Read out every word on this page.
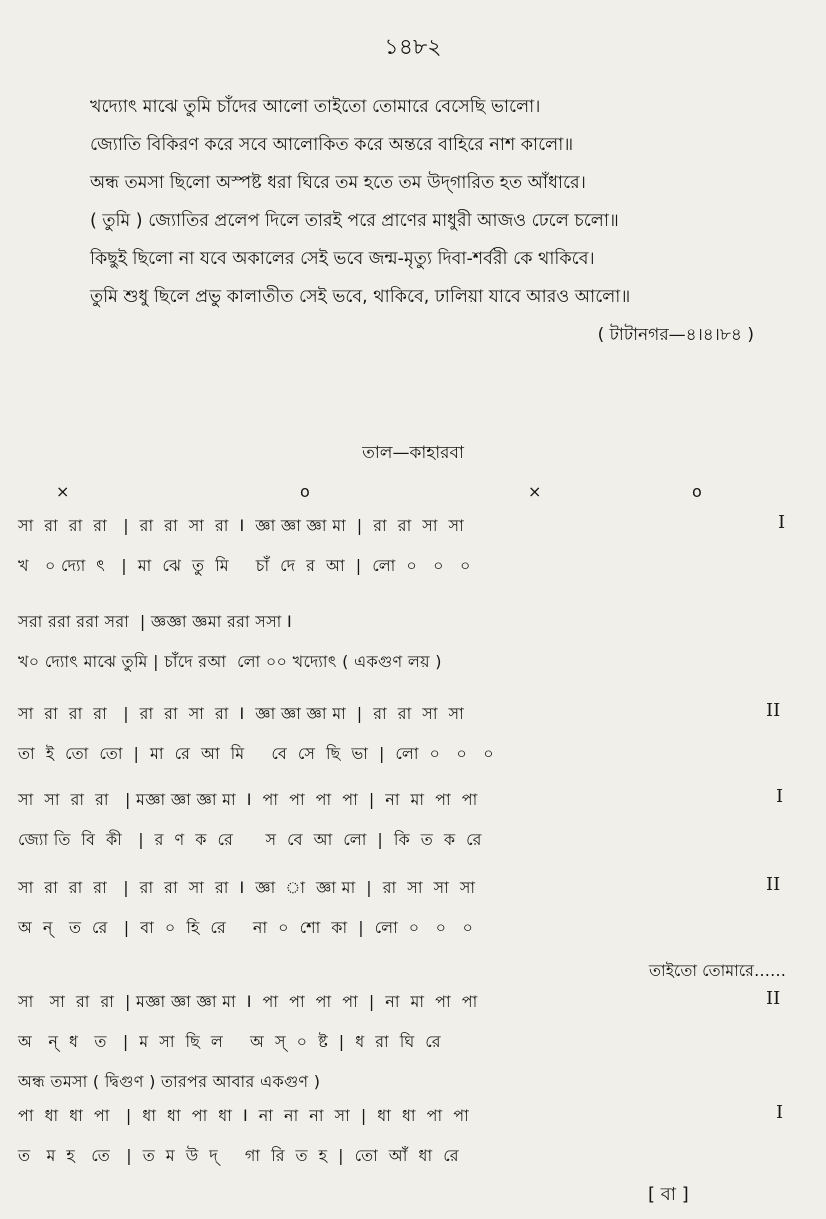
১৪৮২
খদ্যোৎ মাঝে তুমি চাঁদের আলো তাইতো তোমারে বেসেছি ভালো।
জ্যোতি বিকিরণ করে সবে আলোকিত করে অন্তরে বাহিরে নাশ কালো॥
অন্ধ তমসা ছিলো অস্পষ্ট ধরা ঘিরে তম হতে তম উদ্‌গারিত হত আঁধারে।
( তুমি ) জ্যোতির প্রলেপ দিলে তারই পরে প্রাণের মাধুরী আজও ঢেলে চলো॥
কিছুই ছিলো না যবে অকালের সেই ভবে জন্ম-মৃত্যু দিবা-শর্বরী কে থাকিবে।
তুমি শুধু ছিলে প্রভু কালাতীত সেই ভবে, থাকিবে, ঢালিয়া যাবে আরও আলো॥
( টাটানগর—৪।৪।৮৪ )
তাল—কাহারবা
×	o	×	o
সা  রা  রা  রা   |  রা  রা  সা  রা  I  জ্ঞা জ্ঞা জ্ঞা মা  |  রা  রা  সা  সা	I
খ   ০ দ্যো  ৎ   |  মা  ঝে  তু  মি     চাঁ  দে  র  আ  |  লো  ০   ০   ০
সরা ররা ররা সরা  | জ্ঞজ্ঞা জ্ঞমা ররা সসা I
খ০ দ্যোৎ মাঝে তুমি | চাঁদে রআ  লো ০০ খদ্যোৎ ( একগুণ লয় )
সা  রা  রা  রা   |  রা  রা  সা  রা  I  জ্ঞা জ্ঞা জ্ঞা মা  |  রা  রা  সা  সা	II
তা  ই  তো  তো  |  মা  রে  আ  মি     বে  সে  ছি  ভা  |  লো  ০   ০   ০
সা  সা  রা  রা   | মজ্ঞা জ্ঞা জ্ঞা মা  I  পা  পা  পা  পা  |  না  মা  পা  পা	I
জ্যো তি  বি  কী   |  র  ণ  ক  রে      স  বে  আ  লো  |  কি  ত  ক  রে
সা  রা  রা  রা   |  রা  রা  সা  রা  I  জ্ঞা  া  জ্ঞা মা  |  রা  সা  সা  সা	II
অ  ন্‌   ত  রে   |  বা  ০  হি  রে     না  ০  শো  কা  |  লো  ০   ০   ০
তাইতো তোমারে……
সা   সা  রা  রা  | মজ্ঞা জ্ঞা জ্ঞা মা  I  পা  পা  পা  পা  |  না  মা  পা  পা	II
অ   ন্‌  ধ   ত   |  ম  সা  ছি  ল     অ  স্‌  ০  ষ্ট  |  ধ  রা  ঘি  রে
অন্ধ তমসা ( দ্বিগুণ ) তারপর আবার একগুণ )
পা  ধা  ধা  পা   |  ধা  ধা  পা  ধা  I  না  না  না  সা  |  ধা  ধা  পা  পা	I
ত   ম  হ   তে   |  ত  ম  উ  দ্‌     গা  রি  ত  হ  |  তো  আঁ  ধা  রে
[ বা ]
